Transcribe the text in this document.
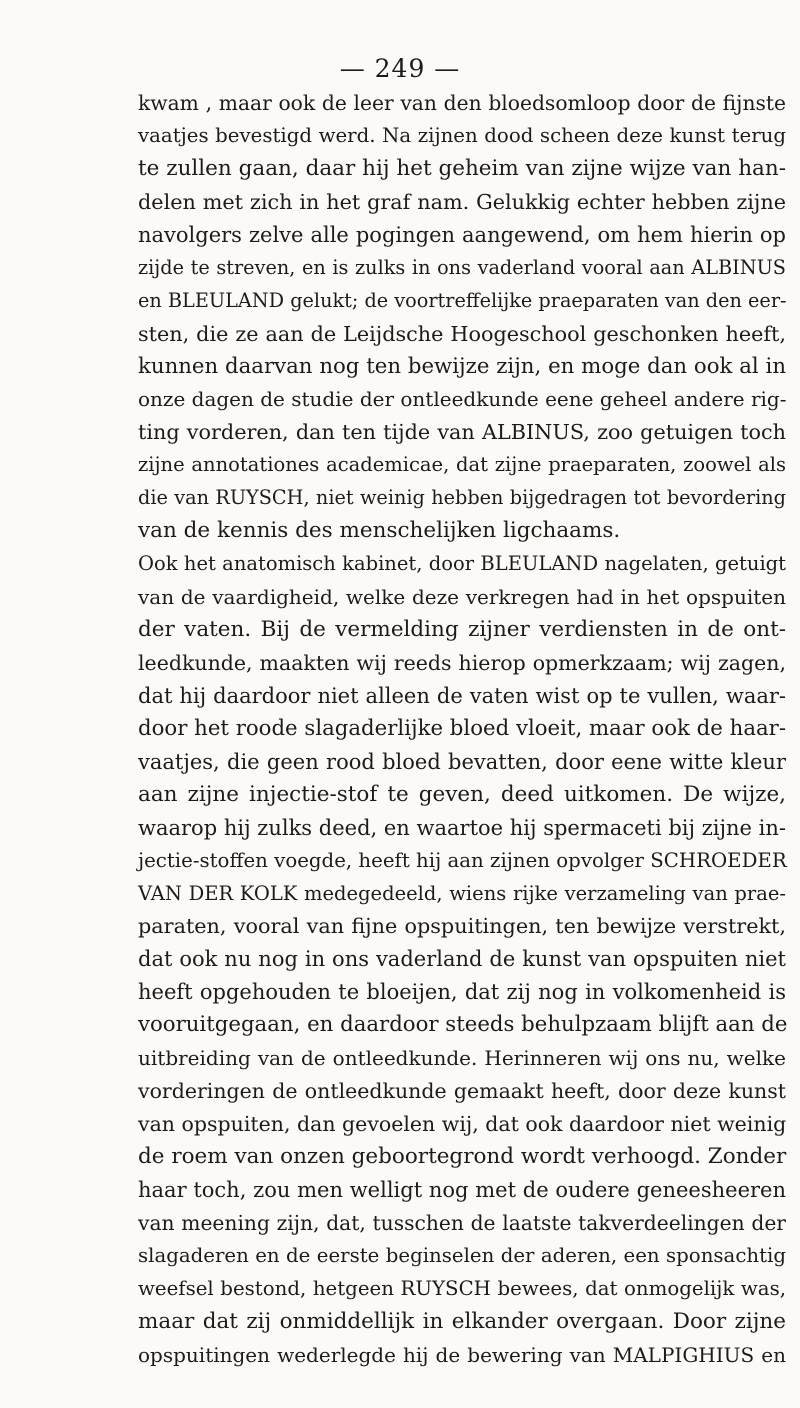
— 249 —
kwam , maar ook de leer van den bloedsomloop door de fijnste
vaatjes bevestigd werd. Na zijnen dood scheen deze kunst terug
te zullen gaan, daar hij het geheim van zijne wijze van han-
delen met zich in het graf nam. Gelukkig echter hebben zijne
navolgers zelve alle pogingen aangewend, om hem hierin op
zijde te streven, en is zulks in ons vaderland vooral aan ALBINUS
en BLEULAND gelukt; de voortreffelijke praeparaten van den eer-
sten, die ze aan de Leijdsche Hoogeschool geschonken heeft,
kunnen daarvan nog ten bewijze zijn, en moge dan ook al in
onze dagen de studie der ontleedkunde eene geheel andere rig-
ting vorderen, dan ten tijde van ALBINUS, zoo getuigen toch
zijne annotationes academicae, dat zijne praeparaten, zoowel als
die van RUYSCH, niet weinig hebben bijgedragen tot bevordering
van de kennis des menschelijken ligchaams.
Ook het anatomisch kabinet, door BLEULAND nagelaten, getuigt
van de vaardigheid, welke deze verkregen had in het opspuiten
der vaten. Bij de vermelding zijner verdiensten in de ont-
leedkunde, maakten wij reeds hierop opmerkzaam; wij zagen,
dat hij daardoor niet alleen de vaten wist op te vullen, waar-
door het roode slagaderlijke bloed vloeit, maar ook de haar-
vaatjes, die geen rood bloed bevatten, door eene witte kleur
aan zijne injectie-stof te geven, deed uitkomen. De wijze,
waarop hij zulks deed, en waartoe hij spermaceti bij zijne in-
jectie-stoffen voegde, heeft hij aan zijnen opvolger SCHROEDER
VAN DER KOLK medegedeeld, wiens rijke verzameling van prae-
paraten, vooral van fijne opspuitingen, ten bewijze verstrekt,
dat ook nu nog in ons vaderland de kunst van opspuiten niet
heeft opgehouden te bloeijen, dat zij nog in volkomenheid is
vooruitgegaan, en daardoor steeds behulpzaam blijft aan de
uitbreiding van de ontleedkunde. Herinneren wij ons nu, welke
vorderingen de ontleedkunde gemaakt heeft, door deze kunst
van opspuiten, dan gevoelen wij, dat ook daardoor niet weinig
de roem van onzen geboortegrond wordt verhoogd. Zonder
haar toch, zou men welligt nog met de oudere geneesheeren
van meening zijn, dat, tusschen de laatste takverdeelingen der
slagaderen en de eerste beginselen der aderen, een sponsachtig
weefsel bestond, hetgeen RUYSCH bewees, dat onmogelijk was,
maar dat zij onmiddellijk in elkander overgaan. Door zijne
opspuitingen wederlegde hij de bewering van MALPIGHIUS en
